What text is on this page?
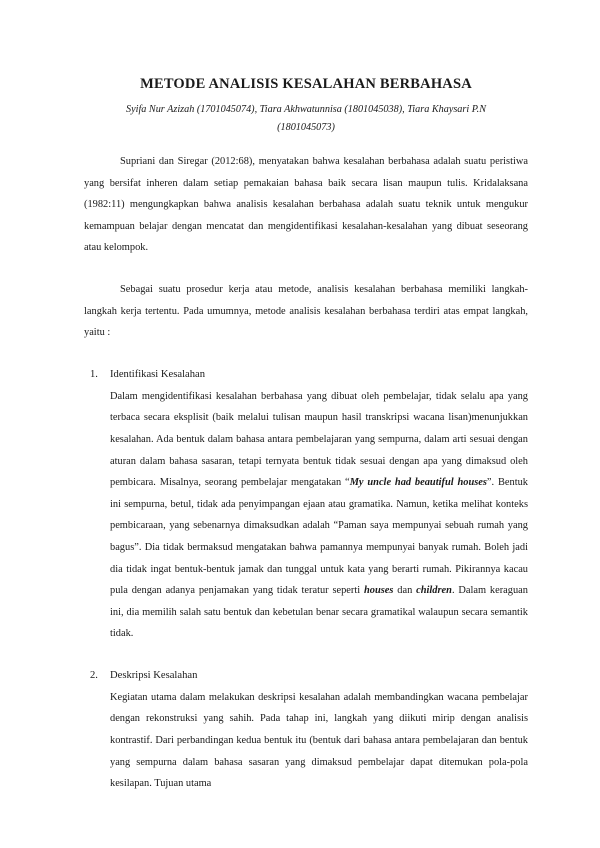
METODE ANALISIS KESALAHAN BERBAHASA
Syifa Nur Azizah (1701045074), Tiara Akhwatunnisa (1801045038), Tiara Khaysari P.N
(1801045073)

Supriani dan Siregar (2012:68), menyatakan bahwa kesalahan berbahasa adalah suatu peristiwa yang bersifat inheren dalam setiap pemakaian bahasa baik secara lisan maupun tulis. Kridalaksana (1982:11) mengungkapkan bahwa analisis kesalahan berbahasa adalah suatu teknik untuk mengukur kemampuan belajar dengan mencatat dan mengidentifikasi kesalahan-kesalahan yang dibuat seseorang atau kelompok.

Sebagai suatu prosedur kerja atau metode, analisis kesalahan berbahasa memiliki langkah-langkah kerja tertentu. Pada umumnya, metode analisis kesalahan berbahasa terdiri atas empat langkah, yaitu :

1.	Identifikasi Kesalahan

Dalam mengidentifikasi kesalahan berbahasa yang dibuat oleh pembelajar, tidak selalu apa yang terbaca secara eksplisit (baik melalui tulisan maupun hasil transkripsi wacana lisan)menunjukkan kesalahan. Ada bentuk dalam bahasa antara pembelajaran yang sempurna, dalam arti sesuai dengan aturan dalam bahasa sasaran, tetapi ternyata bentuk tidak sesuai dengan apa yang dimaksud oleh pembicara. Misalnya, seorang pembelajar mengatakan “My uncle had beautiful houses”. Bentuk ini sempurna, betul, tidak ada penyimpangan ejaan atau gramatika. Namun, ketika melihat konteks pembicaraan, yang sebenarnya dimaksudkan adalah “Paman saya mempunyai sebuah rumah yang bagus”. Dia tidak bermaksud mengatakan bahwa pamannya mempunyai banyak rumah. Boleh jadi dia tidak ingat bentuk-bentuk jamak dan tunggal untuk kata yang berarti rumah. Pikirannya kacau pula dengan adanya penjamakan yang tidak teratur seperti houses dan children. Dalam keraguan ini, dia memilih salah satu bentuk dan kebetulan benar secara gramatikal walaupun secara semantik tidak.

2.	Deskripsi Kesalahan

Kegiatan utama dalam melakukan deskripsi kesalahan adalah membandingkan wacana pembelajar dengan rekonstruksi yang sahih. Pada tahap ini, langkah yang diikuti mirip dengan analisis kontrastif. Dari perbandingan kedua bentuk itu (bentuk dari bahasa antara pembelajaran dan bentuk yang sempurna dalam bahasa sasaran yang dimaksud pembelajar dapat ditemukan pola-pola kesilapan. Tujuan utama
